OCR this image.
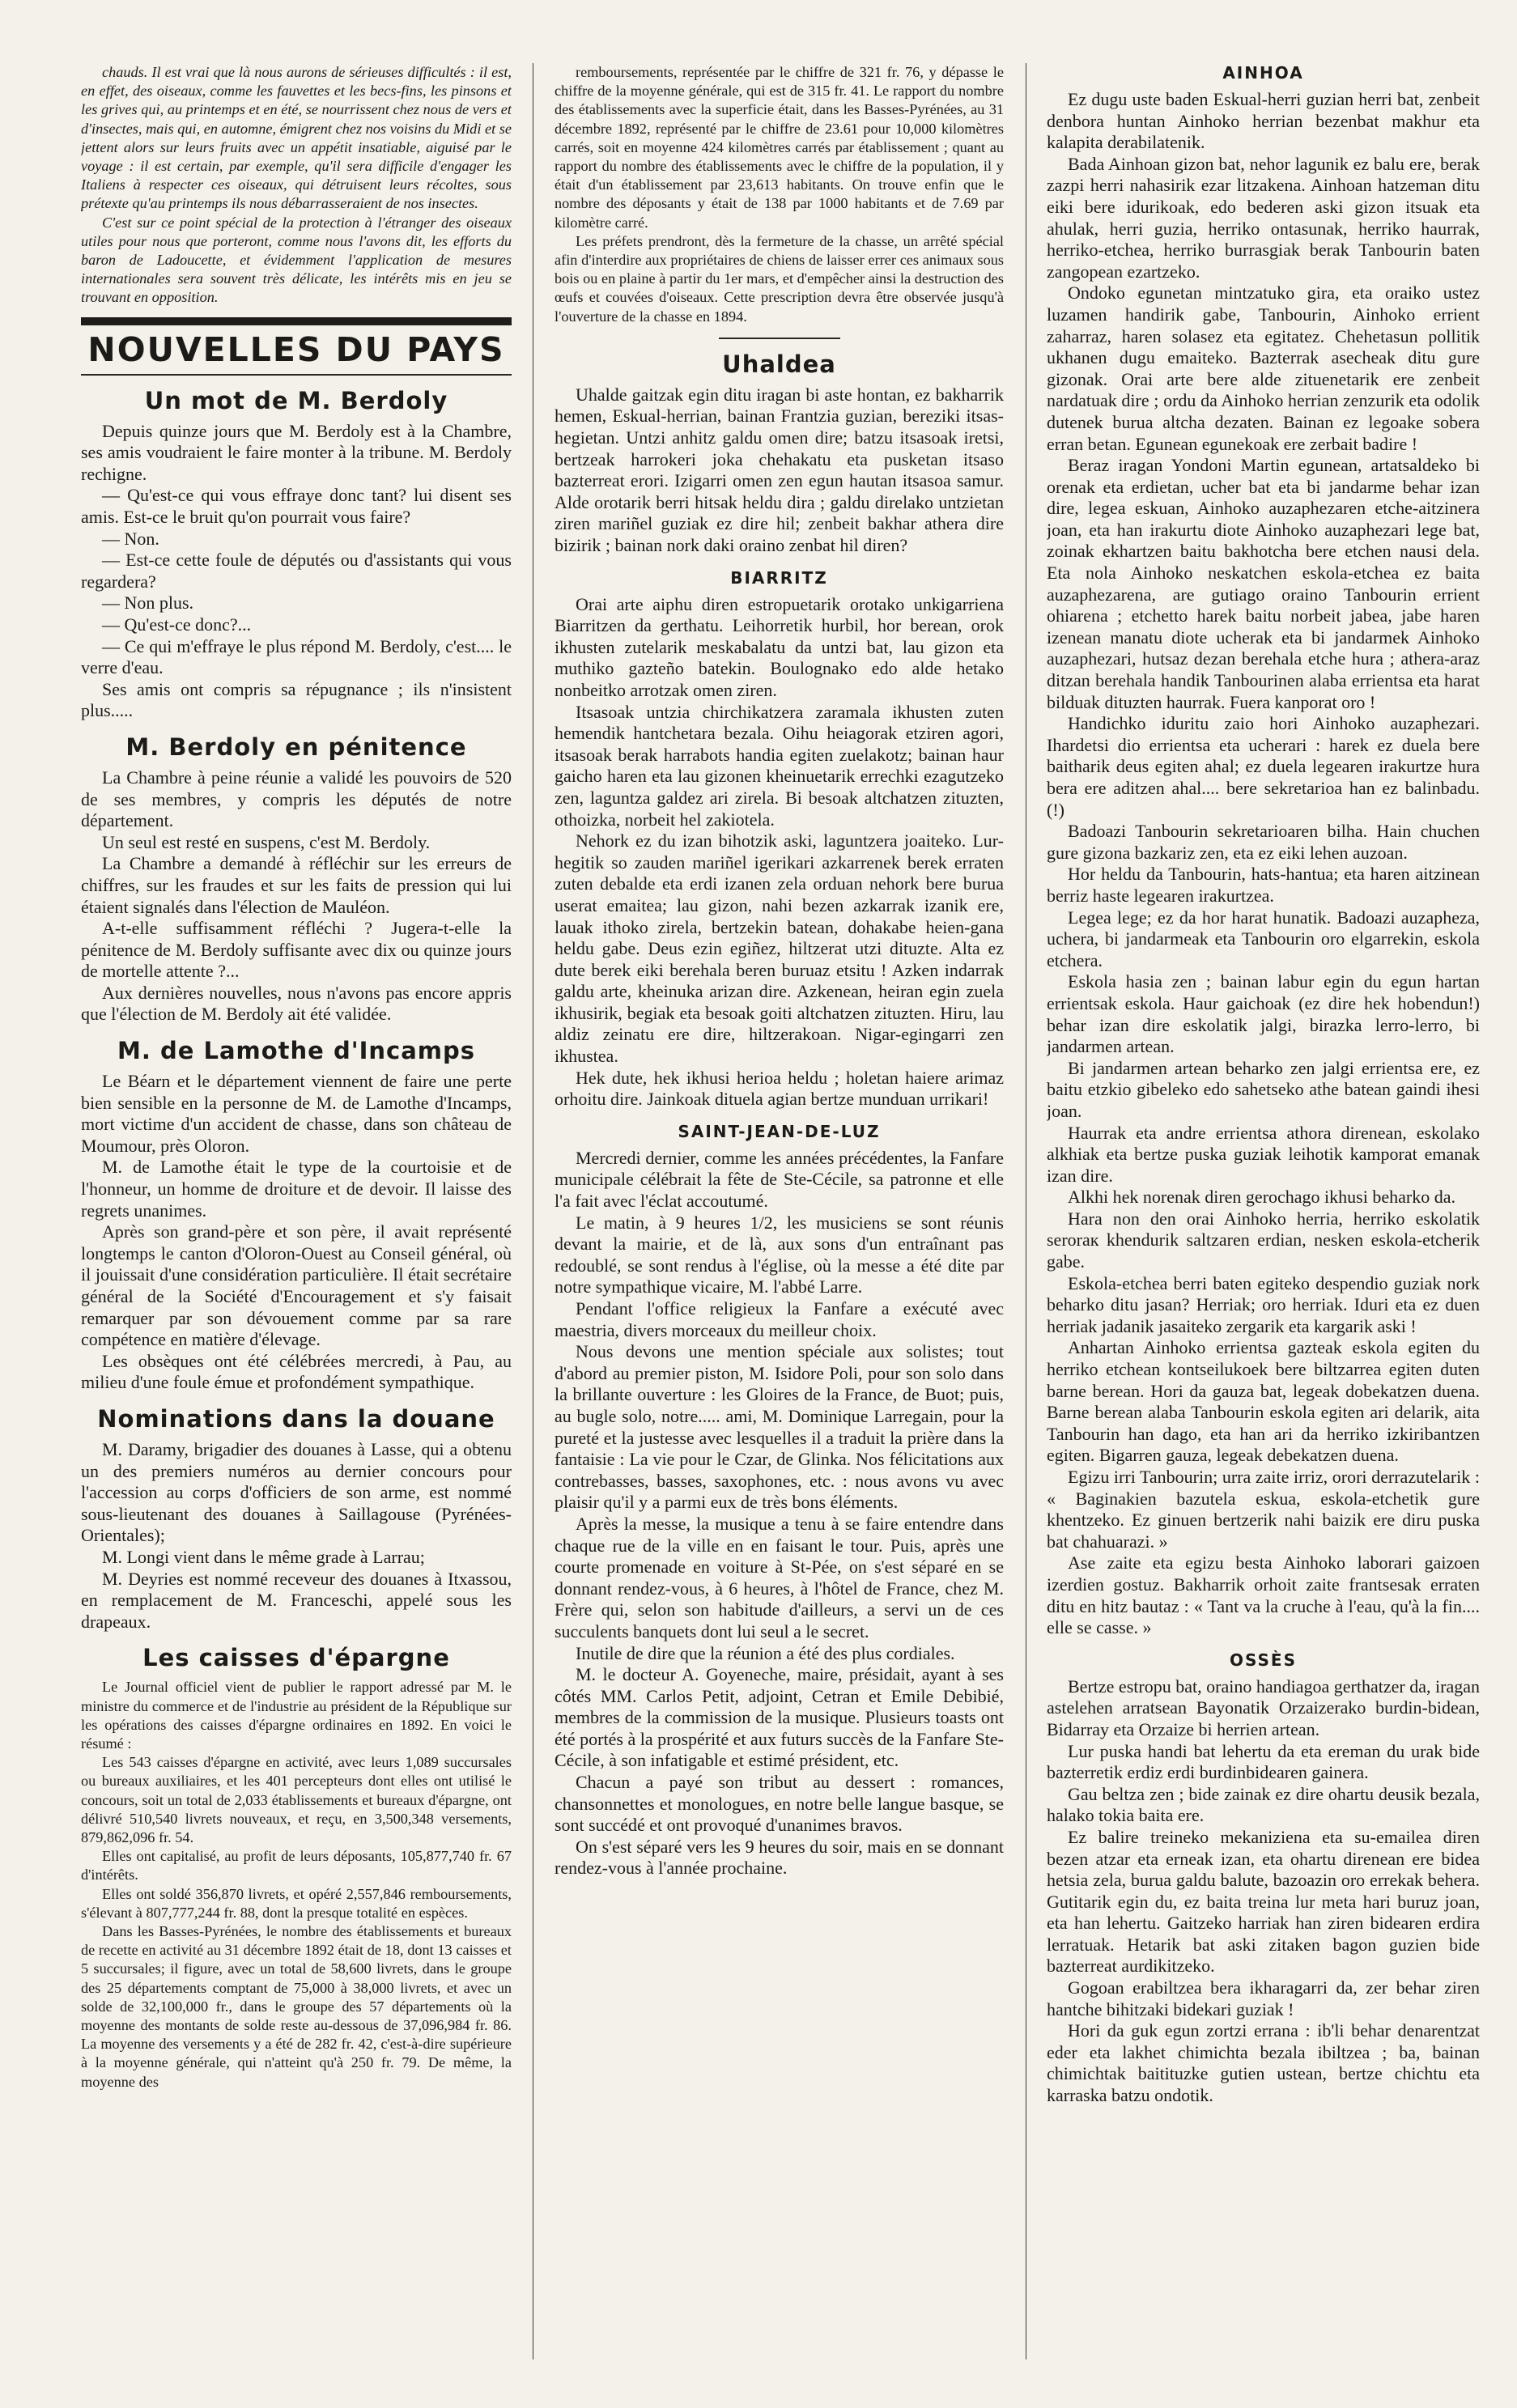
chauds. Il est vrai que là nous aurons de sérieuses difficultés : il est, en effet, des oiseaux, comme les fauvettes et les becs-fins, les pinsons et les grives qui, au printemps et en été, se nourrissent chez nous de vers et d'insectes, mais qui, en automne, émigrent chez nos voisins du Midi et se jettent alors sur leurs fruits avec un appétit insatiable, aiguisé par le voyage : il est certain, par exemple, qu'il sera difficile d'engager les Italiens à respecter ces oiseaux, qui détruisent leurs récoltes, sous prétexte qu'au printemps ils nous débarrasseraient de nos insectes.

C'est sur ce point spécial de la protection à l'étranger des oiseaux utiles pour nous que porteront, comme nous l'avons dit, les efforts du baron de Ladoucette, et évidemment l'application de mesures internationales sera souvent très délicate, les intérêts mis en jeu se trouvant en opposition.

NOUVELLES DU PAYS
Un mot de M. Berdoly

Depuis quinze jours que M. Berdoly est à la Chambre, ses amis voudraient le faire monter à la tribune. M. Berdoly rechigne.

— Qu'est-ce qui vous effraye donc tant? lui disent ses amis. Est-ce le bruit qu'on pourrait vous faire?

— Non.

— Est-ce cette foule de députés ou d'assistants qui vous regardera?

— Non plus.

— Qu'est-ce donc?...

— Ce qui m'effraye le plus répond M. Berdoly, c'est.... le verre d'eau.

Ses amis ont compris sa répugnance ; ils n'insistent plus.....

M. Berdoly en pénitence

La Chambre à peine réunie a validé les pouvoirs de 520 de ses membres, y compris les députés de notre département.

Un seul est resté en suspens, c'est M. Berdoly.

La Chambre a demandé à réfléchir sur les erreurs de chiffres, sur les fraudes et sur les faits de pression qui lui étaient signalés dans l'élection de Mauléon.

A-t-elle suffisamment réfléchi ? Jugera-t-elle la pénitence de M. Berdoly suffisante avec dix ou quinze jours de mortelle attente ?...

Aux dernières nouvelles, nous n'avons pas encore appris que l'élection de M. Berdoly ait été validée.

M. de Lamothe d'Incamps

Le Béarn et le département viennent de faire une perte bien sensible en la personne de M. de Lamothe d'Incamps, mort victime d'un accident de chasse, dans son château de Moumour, près Oloron.

M. de Lamothe était le type de la courtoisie et de l'honneur, un homme de droiture et de devoir. Il laisse des regrets unanimes.

Après son grand-père et son père, il avait représenté longtemps le canton d'Oloron-Ouest au Conseil général, où il jouissait d'une considération particulière. Il était secrétaire général de la Société d'Encouragement et s'y faisait remarquer par son dévouement comme par sa rare compétence en matière d'élevage.

Les obsèques ont été célébrées mercredi, à Pau, au milieu d'une foule émue et profondément sympathique.

Nominations dans la douane

M. Daramy, brigadier des douanes à Lasse, qui a obtenu un des premiers numéros au dernier concours pour l'accession au corps d'officiers de son arme, est nommé sous-lieutenant des douanes à Saillagouse (Pyrénées-Orientales);

M. Longi vient dans le même grade à Larrau;

M. Deyries est nommé receveur des douanes à Itxassou, en remplacement de M. Franceschi, appelé sous les drapeaux.

Les caisses d'épargne

Le Journal officiel vient de publier le rapport adressé par M. le ministre du commerce et de l'industrie au président de la République sur les opérations des caisses d'épargne ordinaires en 1892. En voici le résumé :

Les 543 caisses d'épargne en activité, avec leurs 1,089 succursales ou bureaux auxiliaires, et les 401 percepteurs dont elles ont utilisé le concours, soit un total de 2,033 établissements et bureaux d'épargne, ont délivré 510,540 livrets nouveaux, et reçu, en 3,500,348 versements, 879,862,096 fr. 54.

Elles ont capitalisé, au profit de leurs déposants, 105,877,740 fr. 67 d'intérêts.

Elles ont soldé 356,870 livrets, et opéré 2,557,846 remboursements, s'élevant à 807,777,244 fr. 88, dont la presque totalité en espèces.

Dans les Basses-Pyrénées, le nombre des établissements et bureaux de recette en activité au 31 décembre 1892 était de 18, dont 13 caisses et 5 succursales; il figure, avec un total de 58,600 livrets, dans le groupe des 25 départements comptant de 75,000 à 38,000 livrets, et avec un solde de 32,100,000 fr., dans le groupe des 57 départements où la moyenne des montants de solde reste au-dessous de 37,096,984 fr. 86. La moyenne des versements y a été de 282 fr. 42, c'est-à-dire supérieure à la moyenne générale, qui n'atteint qu'à 250 fr. 79. De même, la moyenne des

remboursements, représentée par le chiffre de 321 fr. 76, y dépasse le chiffre de la moyenne générale, qui est de 315 fr. 41. Le rapport du nombre des établissements avec la superficie était, dans les Basses-Pyrénées, au 31 décembre 1892, représenté par le chiffre de 23.61 pour 10,000 kilomètres carrés, soit en moyenne 424 kilomètres carrés par établissement ; quant au rapport du nombre des établissements avec le chiffre de la population, il y était d'un établissement par 23,613 habitants. On trouve enfin que le nombre des déposants y était de 138 par 1000 habitants et de 7.69 par kilomètre carré.

Les préfets prendront, dès la fermeture de la chasse, un arrêté spécial afin d'interdire aux propriétaires de chiens de laisser errer ces animaux sous bois ou en plaine à partir du 1er mars, et d'empêcher ainsi la destruction des œufs et couvées d'oiseaux. Cette prescription devra être observée jusqu'à l'ouverture de la chasse en 1894.

Uhaldea

Uhalde gaitzak egin ditu iragan bi aste hontan, ez bakharrik hemen, Eskual-herrian, bainan Frantzia guzian, bereziki itsas-hegietan. Untzi anhitz galdu omen dire; batzu itsasoak iretsi, bertzeak harrokeri joka chehakatu eta pusketan itsaso bazterreat erori. Izigarri omen zen egun hautan itsasoa samur. Alde orotarik berri hitsak heldu dira ; galdu direlako untzietan ziren mariñel guziak ez dire hil; zenbeit bakhar athera dire bizirik ; bainan nork daki oraino zenbat hil diren?

BIARRITZ

Orai arte aiphu diren estropuetarik orotako unkigarriena Biarritzen da gerthatu. Leihorretik hurbil, hor berean, orok ikhusten zutelarik meskabalatu da untzi bat, lau gizon eta muthiko gazteño batekin. Boulognako edo alde hetako nonbeitko arrotzak omen ziren.

Itsasoak untzia chirchikatzera zaramala ikhusten zuten hemendik hantchetara bezala. Oihu heiagorak etziren agori, itsasoak berak harrabots handia egiten zuelakotz; bainan haur gaicho haren eta lau gizonen kheinuetarik errechki ezagutzeko zen, laguntza galdez ari zirela. Bi besoak altchatzen zituzten, othoizka, norbeit hel zakiotela.

Nehork ez du izan bihotzik aski, laguntzera joaiteko. Lur-hegitik so zauden mariñel igerikari azkarrenek berek erraten zuten debalde eta erdi izanen zela orduan nehork bere burua userat emaitea; lau gizon, nahi bezen azkarrak izanik ere, lauak ithoko zirela, bertzekin batean, dohakabe heien-gana heldu gabe. Deus ezin egiñez, hiltzerat utzi dituzte. Alta ez dute berek eiki berehala beren buruaz etsitu ! Azken indarrak galdu arte, kheinuka arizan dire. Azkenean, heiran egin zuela ikhusirik, begiak eta besoak goiti altchatzen zituzten. Hiru, lau aldiz zeinatu ere dire, hiltzerakoan. Nigar-egingarri zen ikhustea.

Hek dute, hek ikhusi herioa heldu ; holetan haiere arimaz orhoitu dire. Jainkoak dituela agian bertze munduan urrikari!

SAINT-JEAN-DE-LUZ

Mercredi dernier, comme les années précédentes, la Fanfare municipale célébrait la fête de Ste-Cécile, sa patronne et elle l'a fait avec l'éclat accoutumé.

Le matin, à 9 heures 1/2, les musiciens se sont réunis devant la mairie, et de là, aux sons d'un entraînant pas redoublé, se sont rendus à l'église, où la messe a été dite par notre sympathique vicaire, M. l'abbé Larre.

Pendant l'office religieux la Fanfare a exécuté avec maestria, divers morceaux du meilleur choix.

Nous devons une mention spéciale aux solistes; tout d'abord au premier piston, M. Isidore Poli, pour son solo dans la brillante ouverture : les Gloires de la France, de Buot; puis, au bugle solo, notre..... ami, M. Dominique Larregain, pour la pureté et la justesse avec lesquelles il a traduit la prière dans la fantaisie : La vie pour le Czar, de Glinka. Nos félicitations aux contrebasses, basses, saxophones, etc. : nous avons vu avec plaisir qu'il y a parmi eux de très bons éléments.

Après la messe, la musique a tenu à se faire entendre dans chaque rue de la ville en en faisant le tour. Puis, après une courte promenade en voiture à St-Pée, on s'est séparé en se donnant rendez-vous, à 6 heures, à l'hôtel de France, chez M. Frère qui, selon son habitude d'ailleurs, a servi un de ces succulents banquets dont lui seul a le secret.

Inutile de dire que la réunion a été des plus cordiales.

M. le docteur A. Goyeneche, maire, présidait, ayant à ses côtés MM. Carlos Petit, adjoint, Cetran et Emile Debibié, membres de la commission de la musique. Plusieurs toasts ont été portés à la prospérité et aux futurs succès de la Fanfare Ste-Cécile, à son infatigable et estimé président, etc.

Chacun a payé son tribut au dessert : romances, chansonnettes et monologues, en notre belle langue basque, se sont succédé et ont provoqué d'unanimes bravos.

On s'est séparé vers les 9 heures du soir, mais en se donnant rendez-vous à l'année prochaine.

AINHOA

Ez dugu uste baden Eskual-herri guzian herri bat, zenbeit denbora huntan Ainhoko herrian bezenbat makhur eta kalapita derabilatenik.

Bada Ainhoan gizon bat, nehor lagunik ez balu ere, berak zazpi herri nahasirik ezar litzakena. Ainhoan hatzeman ditu eiki bere idurikoak, edo bederen aski gizon itsuak eta ahulak, herri guzia, herriko ontasunak, herriko haurrak, herriko-etchea, herriko burrasgiak berak Tanbourin baten zangopean ezartzeko.

Ondoko egunetan mintzatuko gira, eta oraiko ustez luzamen handirik gabe, Tanbourin, Ainhoko errient zaharraz, haren solasez eta egitatez. Chehetasun pollitik ukhanen dugu emaiteko. Bazterrak asecheak ditu gure gizonak. Orai arte bere alde zituenetarik ere zenbeit nardatuak dire ; ordu da Ainhoko herrian zenzurik eta odolik dutenek burua altcha dezaten. Bainan ez legoake sobera erran betan. Egunean egunekoak ere zerbait badire !

Beraz iragan Yondoni Martin egunean, artatsaldeko bi orenak eta erdietan, ucher bat eta bi jandarme behar izan dire, legea eskuan, Ainhoko auzaphezaren etche-aitzinera joan, eta han irakurtu diote Ainhoko auzaphezari lege bat, zoinak ekhartzen baitu bakhotcha bere etchen nausi dela. Eta nola Ainhoko neskatchen eskola-etchea ez baita auzaphezarena, are gutiago oraino Tanbourin errient ohiarena ; etchetto harek baitu norbeit jabea, jabe haren izenean manatu diote ucherak eta bi jandarmek Ainhoko auzaphezari, hutsaz dezan berehala etche hura ; athera-araz ditzan berehala handik Tanbourinen alaba errientsa eta harat bilduak dituzten haurrak. Fuera kanporat oro !

Handichko iduritu zaio hori Ainhoko auzaphezari. Ihardetsi dio errientsa eta ucherari : harek ez duela bere baitharik deus egiten ahal; ez duela legearen irakurtze hura bera ere aditzen ahal.... bere sekretarioa han ez balinbadu. (!)

Badoazi Tanbourin sekretarioaren bilha. Hain chuchen gure gizona bazkariz zen, eta ez eiki lehen auzoan.

Hor heldu da Tanbourin, hats-hantua; eta haren aitzinean berriz haste legearen irakurtzea.

Legea lege; ez da hor harat hunatik. Badoazi auzapheza, uchera, bi jandarmeak eta Tanbourin oro elgarrekin, eskola etchera.

Eskola hasia zen ; bainan labur egin du egun hartan errientsak eskola. Haur gaichoak (ez dire hek hobendun!) behar izan dire eskolatik jalgi, birazka lerro-lerro, bi jandarmen artean.

Bi jandarmen artean beharko zen jalgi errientsa ere, ez baitu etzkio gibeleko edo sahetseko athe batean gaindi ihesi joan.

Haurrak eta andre errientsa athora direnean, eskolako alkhiak eta bertze puska guziak leihotik kamporat emanak izan dire.

Alkhi hek norenak diren gerochago ikhusi beharko da.

Hara non den orai Ainhoko herria, herriko eskolatik seroraк khendurik saltzaren erdian, nesken eskola-etcherik gabe.

Eskola-etchea berri baten egiteko despendio guziak nork beharko ditu jasan? Herriak; oro herriak. Iduri eta ez duen herriak jadanik jasaiteko zergarik eta kargarik aski !

Anhartan Ainhoko errientsa gazteak eskola egiten du herriko etchean kontseilukoek bere biltzarrea egiten duten barne berean. Hori da gauza bat, legeak dobekatzen duena. Barne berean alaba Tanbourin eskola egiten ari delarik, aita Tanbourin han dago, eta han ari da herriko izkiribantzen egiten. Bigarren gauza, legeak debekatzen duena.

Egizu irri Tanbourin; urra zaite irriz, orori derrazutelarik : « Baginakien bazutela eskua, eskola-etchetik gure khentzeko. Ez ginuen bertzerik nahi baizik ere diru puska bat chahuarazi. »

Ase zaite eta egizu besta Ainhoko laborari gaizoen izerdien gostuz. Bakharrik orhoit zaite frantsesak erraten ditu en hitz bautaz : « Tant va la cruche à l'eau, qu'à la fin.... elle se casse. »

OSSÈS

Bertze estropu bat, oraino handiagoa gerthatzer da, iragan astelehen arratsean Bayonatik Orzaizerako burdin-bidean, Bidarray eta Orzaize bi herrien artean.

Lur puska handi bat lehertu da eta ereman du urak bide bazterretik erdiz erdi burdinbidearen gainera.

Gau beltza zen ; bide zainak ez dire ohartu deusik bezala, halako tokia baita ere.

Ez balire treineko mekanizienа eta su-emailea diren bezen atzar eta erneak izan, eta ohartu direnean ere bidea hetsia zela, burua galdu balute, bazoazin oro errekak behera. Gutitarik egin du, ez baita treina lur meta hari buruz joan, eta han lehertu. Gaitzeko harriak han ziren bidearen erdira lerratuak. Hetarik bat aski zitaken bagon guzien bide bazterreat aurdikitzeko.

Gogoan erabiltzea bera ikharagarri da, zer behar ziren hantche bihitzaki bidekari guziak !

Hori da guk egun zortzi errana : ib'li behar denarentzat eder eta lakhet chimichta bezala ibiltzea ; ba, bainan chimichtak baitituzke gutien ustean, bertze chichtu eta karraska batzu ondotik.
